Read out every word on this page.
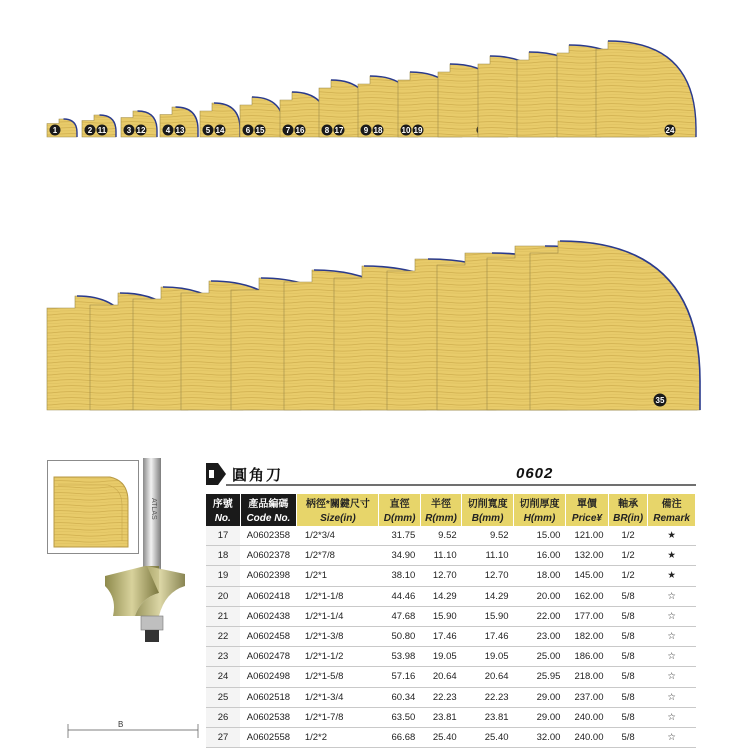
1	2 11	3 12	4 13	5 14	6 15	7 16	8 17	9 18 10 19	24
35
ATLAS
B
圓角刀	0602
序號	產品編碼	柄徑*關鍵尺寸	直徑	半徑	切削寬度	切削厚度	單價	軸承	備注
No.	Code No.	Size(in)	D(mm)	R(mm)	B(mm)	H(mm)	Price¥	BR(in)	Remark
17	A0602358	1/2*3/4	31.75	9.52	9.52	15.00	121.00	1/2	★
18	A0602378	1/2*7/8	34.90	11.10	11.10	16.00	132.00	1/2	★
19	A0602398	1/2*1	38.10	12.70	12.70	18.00	145.00	1/2	★
20	A0602418	1/2*1-1/8	44.46	14.29	14.29	20.00	162.00	5/8	☆
21	A0602438	1/2*1-1/4	47.68	15.90	15.90	22.00	177.00	5/8	☆
22	A0602458	1/2*1-3/8	50.80	17.46	17.46	23.00	182.00	5/8	☆
23	A0602478	1/2*1-1/2	53.98	19.05	19.05	25.00	186.00	5/8	☆
24	A0602498	1/2*1-5/8	57.16	20.64	20.64	25.95	218.00	5/8	☆
25	A0602518	1/2*1-3/4	60.34	22.23	22.23	29.00	237.00	5/8	☆
26	A0602538	1/2*1-7/8	63.50	23.81	23.81	29.00	240.00	5/8	☆
27	A0602558	1/2*2	66.68	25.40	25.40	32.00	240.00	5/8	☆
